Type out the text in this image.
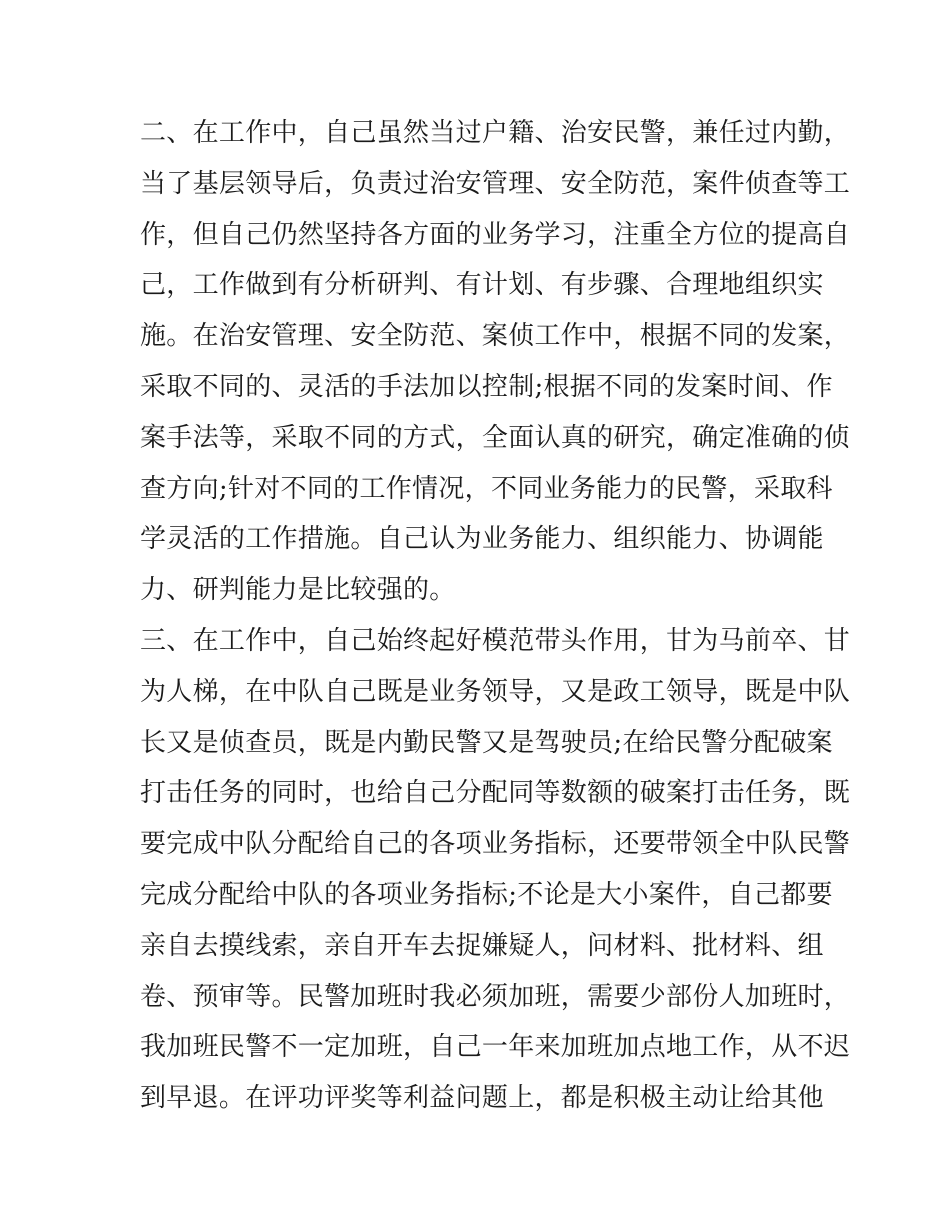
二、在工作中，自己虽然当过户籍、治安民警，兼任过内勤，
当了基层领导后，负责过治安管理、安全防范，案件侦查等工
作，但自己仍然坚持各方面的业务学习，注重全方位的提高自
己，工作做到有分析研判、有计划、有步骤、合理地组织实
施。在治安管理、安全防范、案侦工作中，根据不同的发案，
采取不同的、灵活的手法加以控制;根据不同的发案时间、作
案手法等，采取不同的方式，全面认真的研究，确定准确的侦
查方向;针对不同的工作情况，不同业务能力的民警，采取科
学灵活的工作措施。自己认为业务能力、组织能力、协调能
力、研判能力是比较强的。
三、在工作中，自己始终起好模范带头作用，甘为马前卒、甘
为人梯，在中队自己既是业务领导，又是政工领导，既是中队
长又是侦查员，既是内勤民警又是驾驶员;在给民警分配破案
打击任务的同时，也给自己分配同等数额的破案打击任务，既
要完成中队分配给自己的各项业务指标，还要带领全中队民警
完成分配给中队的各项业务指标;不论是大小案件，自己都要
亲自去摸线索，亲自开车去捉嫌疑人，问材料、批材料、组
卷、预审等。民警加班时我必须加班，需要少部份人加班时，
我加班民警不一定加班，自己一年来加班加点地工作，从不迟
到早退。在评功评奖等利益问题上，都是积极主动让给其他
